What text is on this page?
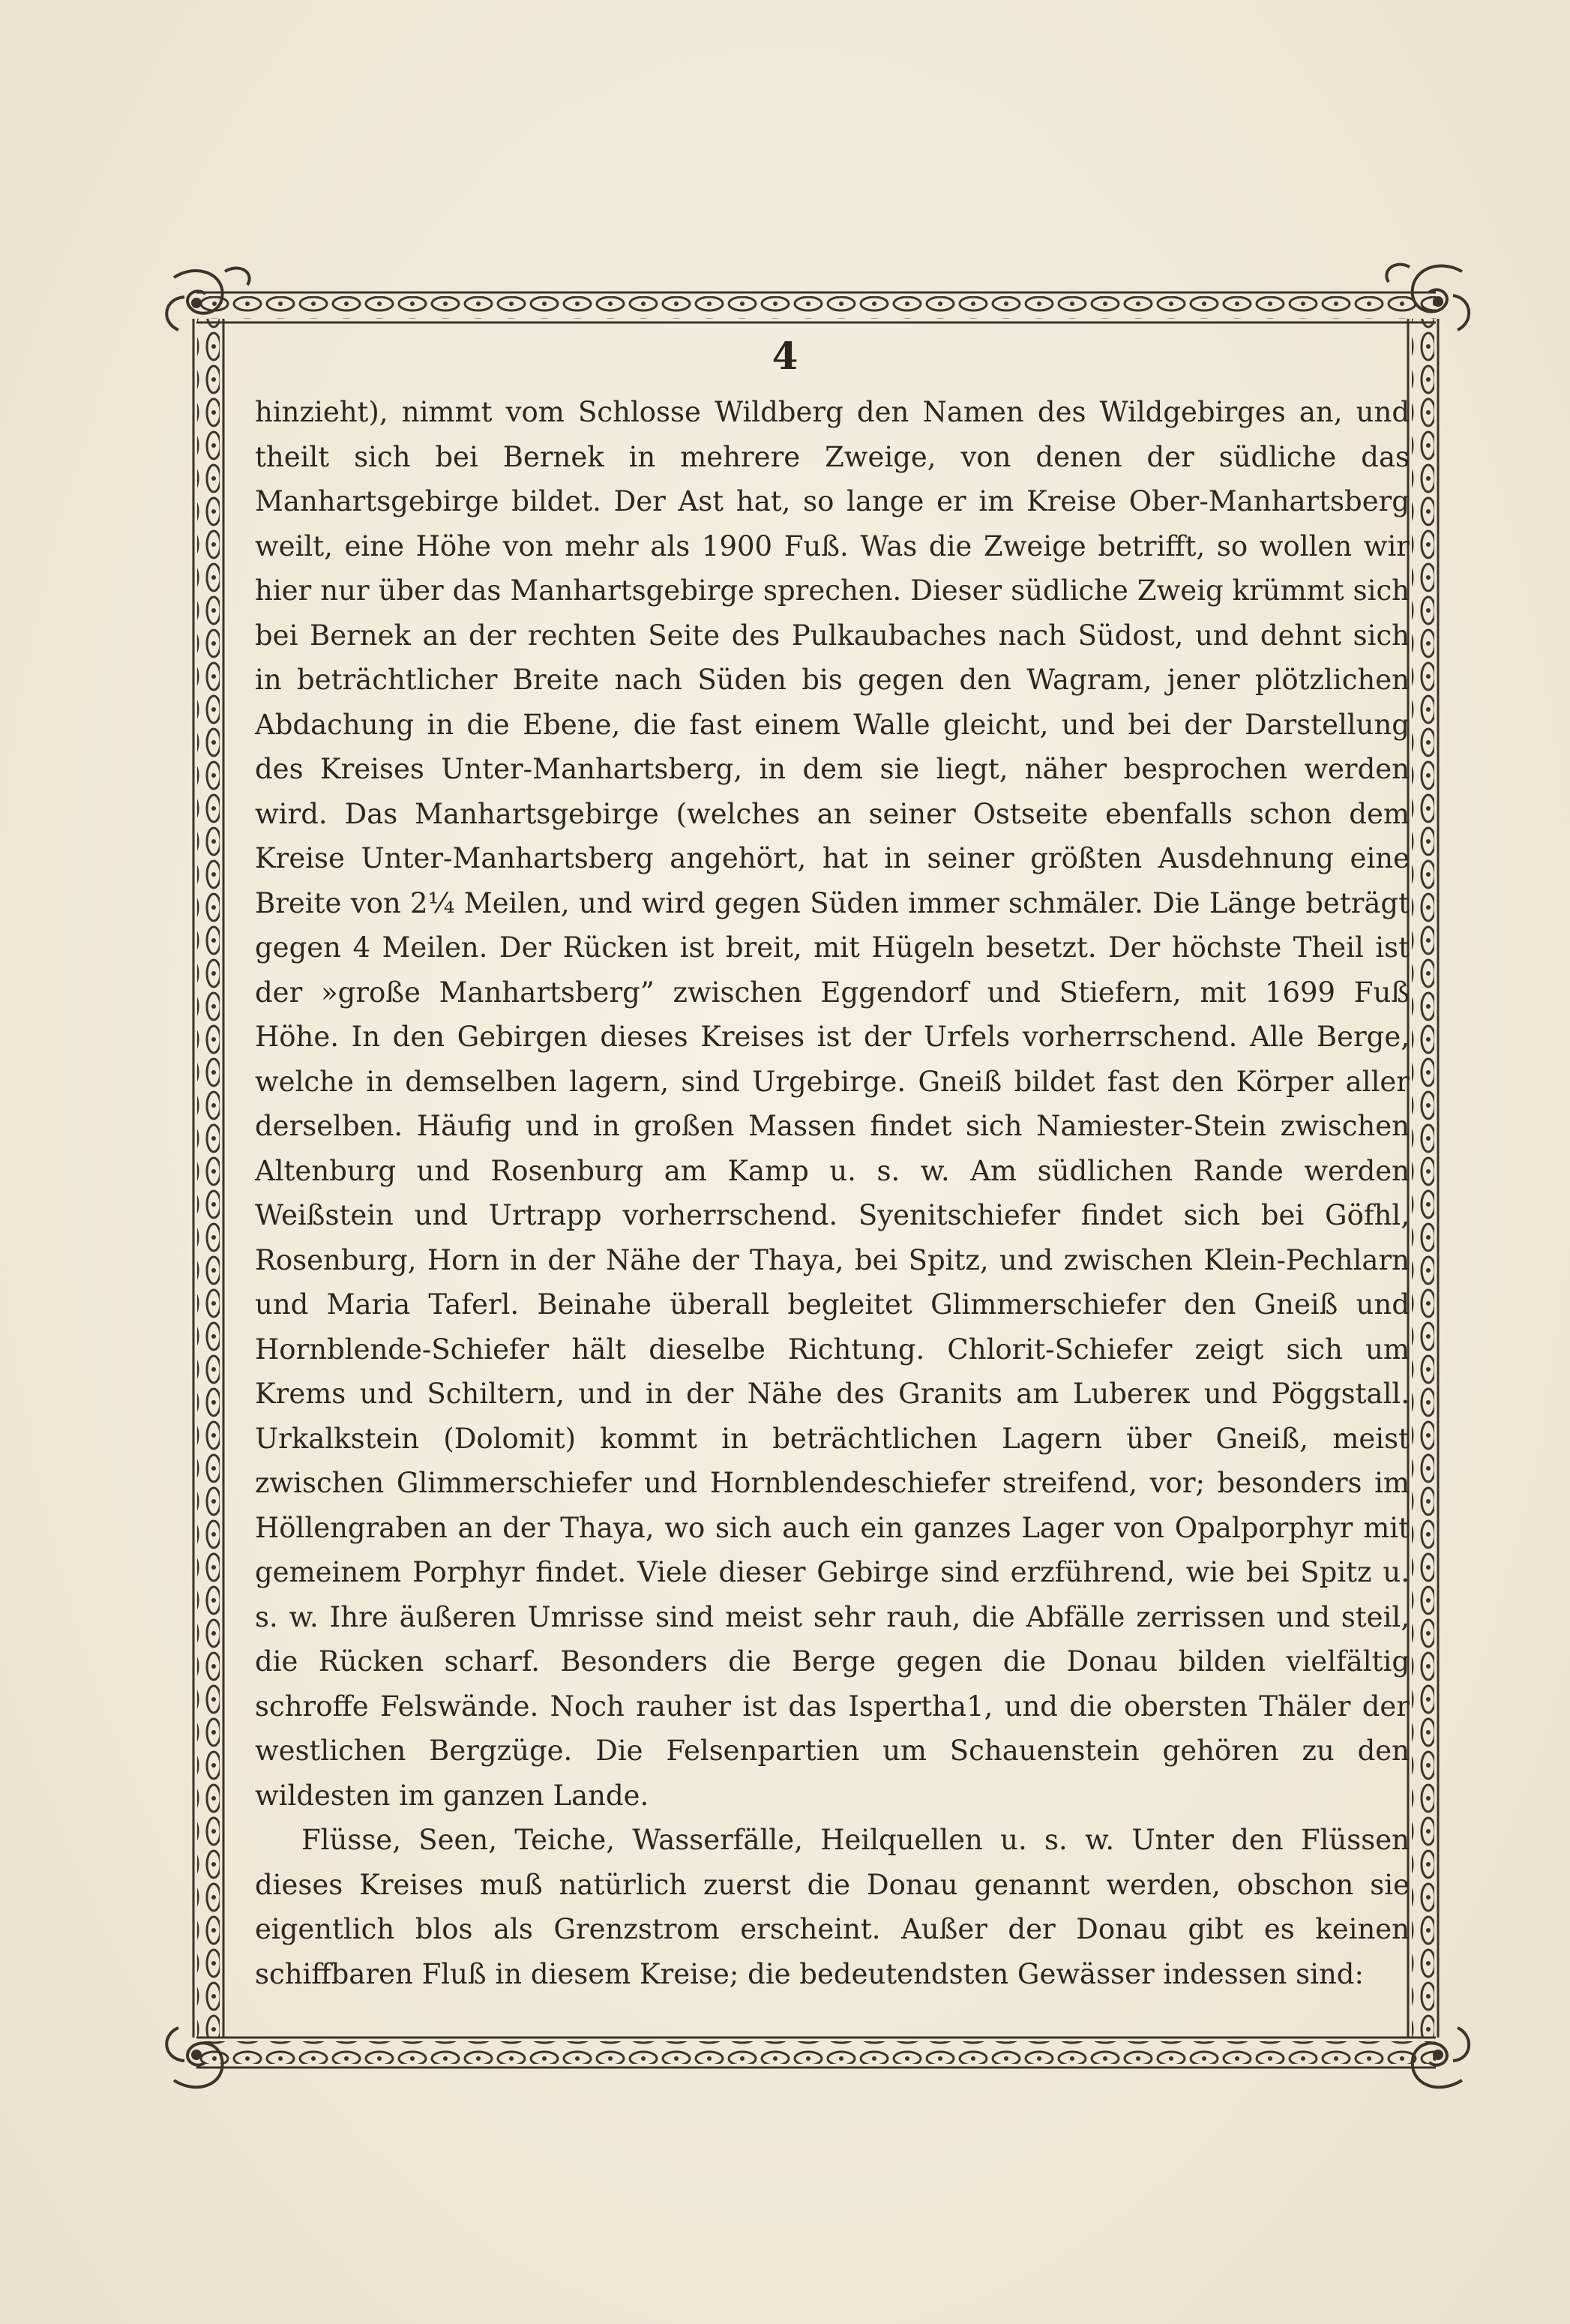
4

hinzieht), nimmt vom Schlosse Wildberg den Namen des Wildgebirges an, und theilt sich bei Bernek in mehrere Zweige, von denen der südliche das Manhartsgebirge bildet. Der Ast hat, so lange er im Kreise Ober-Manhartsberg weilt, eine Höhe von mehr als 1900 Fuß. Was die Zweige betrifft, so wollen wir hier nur über das Manhartsgebirge sprechen. Dieser südliche Zweig krümmt sich bei Bernek an der rechten Seite des Pulkaubaches nach Südost, und dehnt sich in beträchtlicher Breite nach Süden bis gegen den Wagram, jener plötzlichen Abdachung in die Ebene, die fast einem Walle gleicht, und bei der Darstellung des Kreises Unter-Manhartsberg, in dem sie liegt, näher besprochen werden wird. Das Manhartsgebirge (welches an seiner Ostseite ebenfalls schon dem Kreise Unter-Manhartsberg angehört, hat in seiner größten Ausdehnung eine Breite von 2¼ Meilen, und wird gegen Süden immer schmäler. Die Länge beträgt gegen 4 Meilen. Der Rücken ist breit, mit Hügeln besetzt. Der höchste Theil ist der »große Manhartsberg” zwischen Eggendorf und Stiefern, mit 1699 Fuß Höhe. In den Gebirgen dieses Kreises ist der Urfels vorherrschend. Alle Berge, welche in demselben lagern, sind Urgebirge. Gneiß bildet fast den Körper aller derselben. Häufig und in großen Massen findet sich Namiester-Stein zwischen Altenburg und Rosenburg am Kamp u. s. w. Am südlichen Rande werden Weißstein und Urtrapp vorherrschend. Syenitschiefer findet sich bei Göfhl, Rosenburg, Horn in der Nähe der Thaya, bei Spitz, und zwischen Klein-Pechlarn und Maria Taferl. Beinahe überall begleitet Glimmerschiefer den Gneiß und Hornblende-Schiefer hält dieselbe Richtung. Chlorit-Schiefer zeigt sich um Krems und Schiltern, und in der Nähe des Granits am Lubereк und Pöggstall. Urkalkstein (Dolomit) kommt in beträchtlichen Lagern über Gneiß, meist zwischen Glimmerschiefer und Hornblendeschiefer streifend, vor; besonders im Höllengraben an der Thaya, wo sich auch ein ganzes Lager von Opalporphyr mit gemeinem Porphyr findet. Viele dieser Gebirge sind erzführend, wie bei Spitz u. s. w. Ihre äußeren Umrisse sind meist sehr rauh, die Abfälle zerrissen und steil, die Rücken scharf. Besonders die Berge gegen die Donau bilden vielfältig schroffe Felswände. Noch rauher ist das Ispertha1, und die obersten Thäler der westlichen Bergzüge. Die Felsenpartien um Schauenstein gehören zu den wildesten im ganzen Lande.

Flüsse, Seen, Teiche, Wasserfälle, Heilquellen u. s. w. Unter den Flüssen dieses Kreises muß natürlich zuerst die Donau genannt werden, obschon sie eigentlich blos als Grenzstrom erscheint. Außer der Donau gibt es keinen schiffbaren Fluß in diesem Kreise; die bedeutendsten Gewässer indessen sind:
